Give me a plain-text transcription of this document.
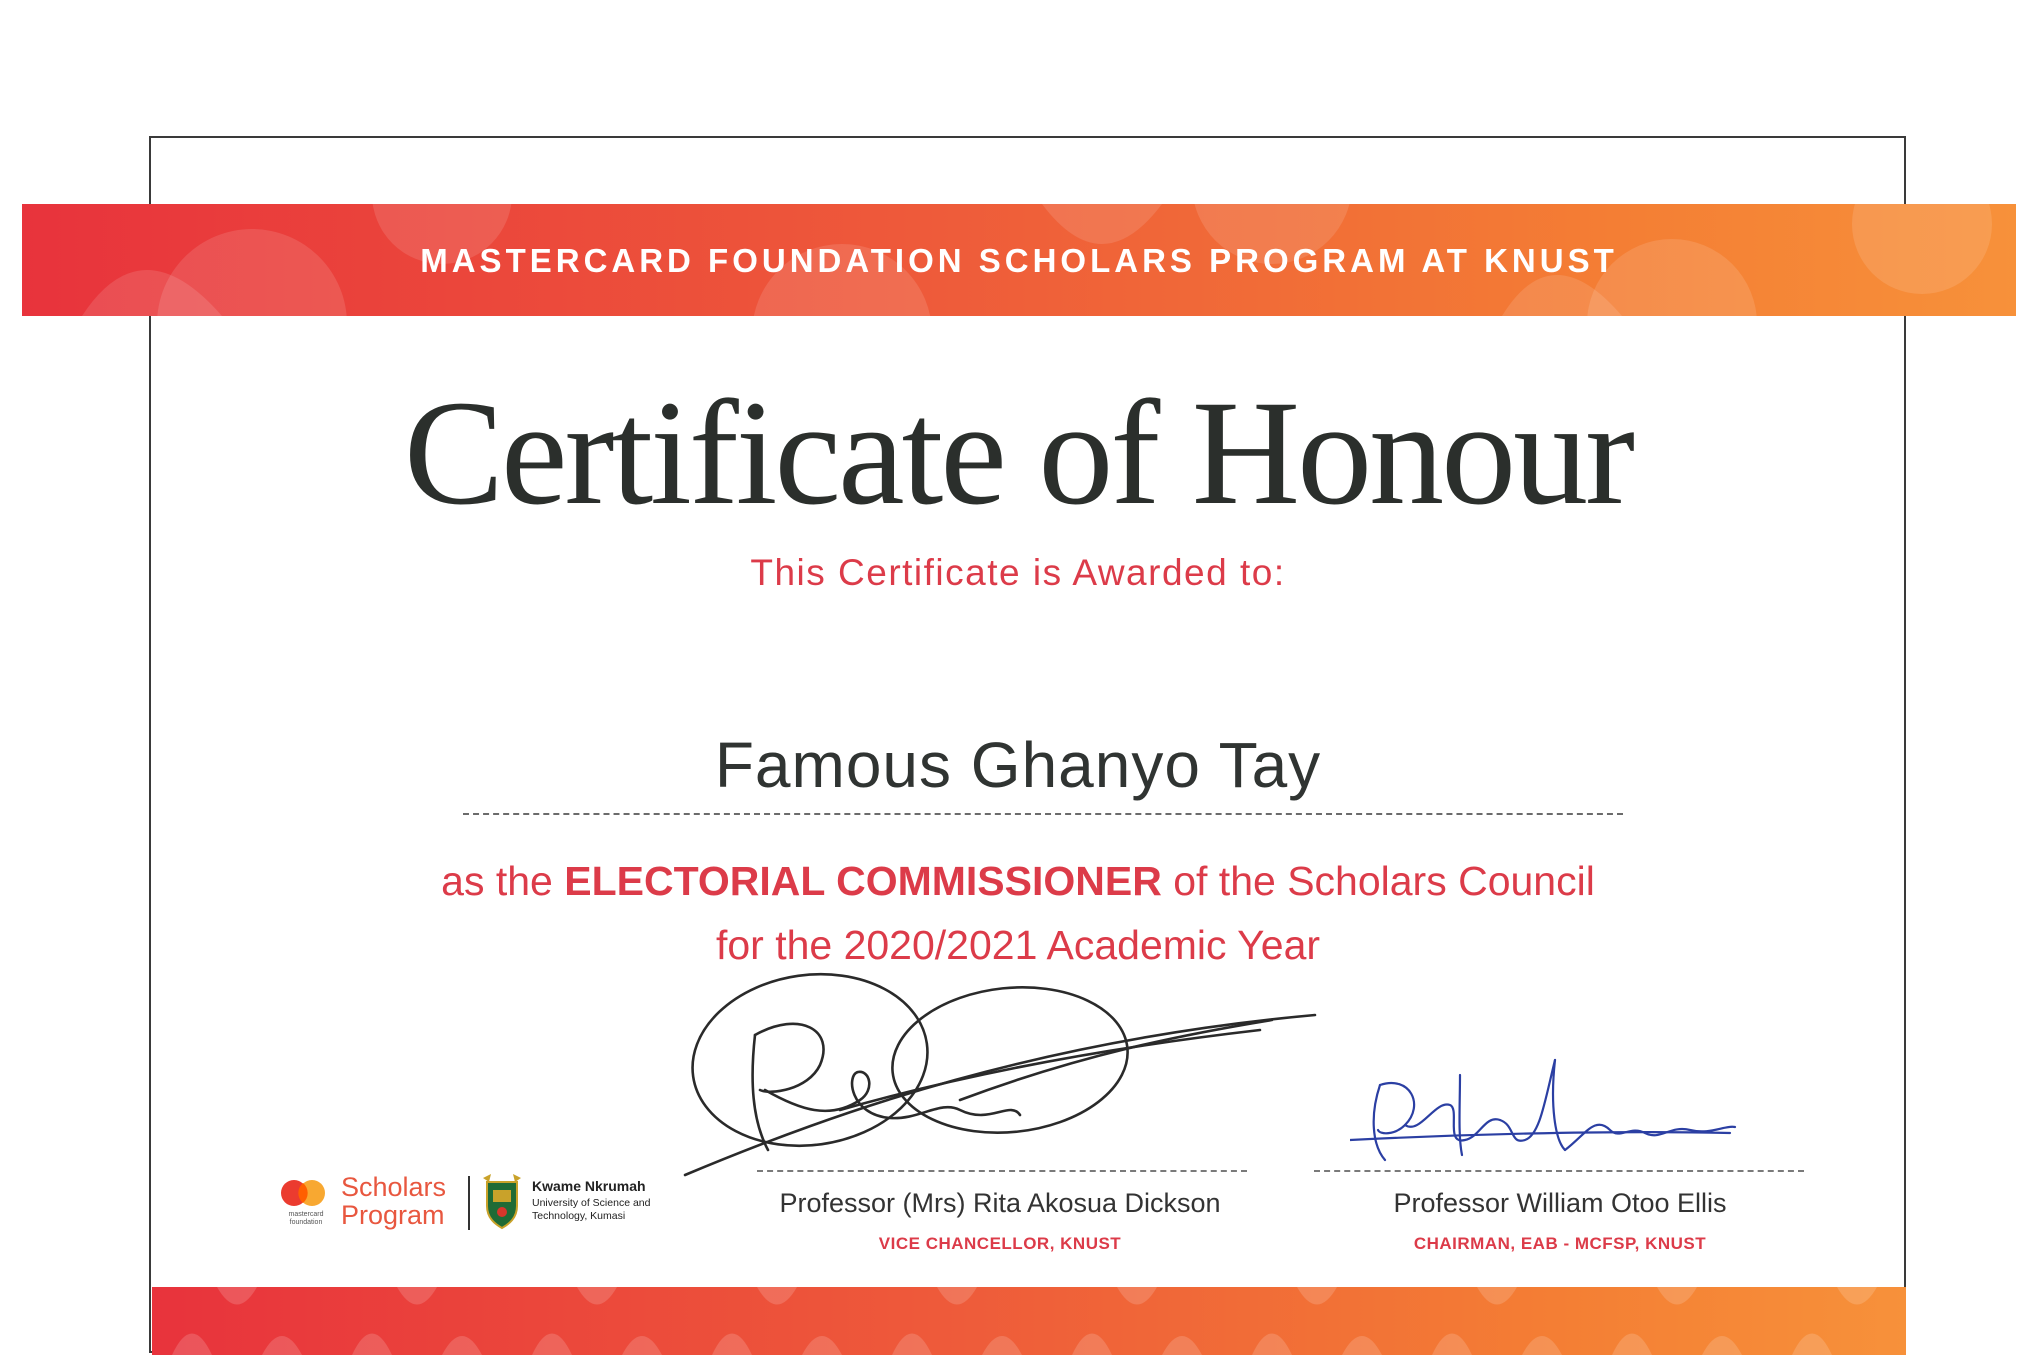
MASTERCARD FOUNDATION SCHOLARS PROGRAM AT KNUST
Certificate of Honour
This Certificate is Awarded to:
Famous Ghanyo Tay
as the ELECTORIAL COMMISSIONER of the Scholars Council
for the 2020/2021 Academic Year
Professor (Mrs) Rita Akosua Dickson
VICE CHANCELLOR, KNUST
Professor William Otoo Ellis
CHAIRMAN, EAB - MCFSP, KNUST
mastercard foundation
Scholars
Program
Kwame Nkrumah
University of Science and
Technology, Kumasi
